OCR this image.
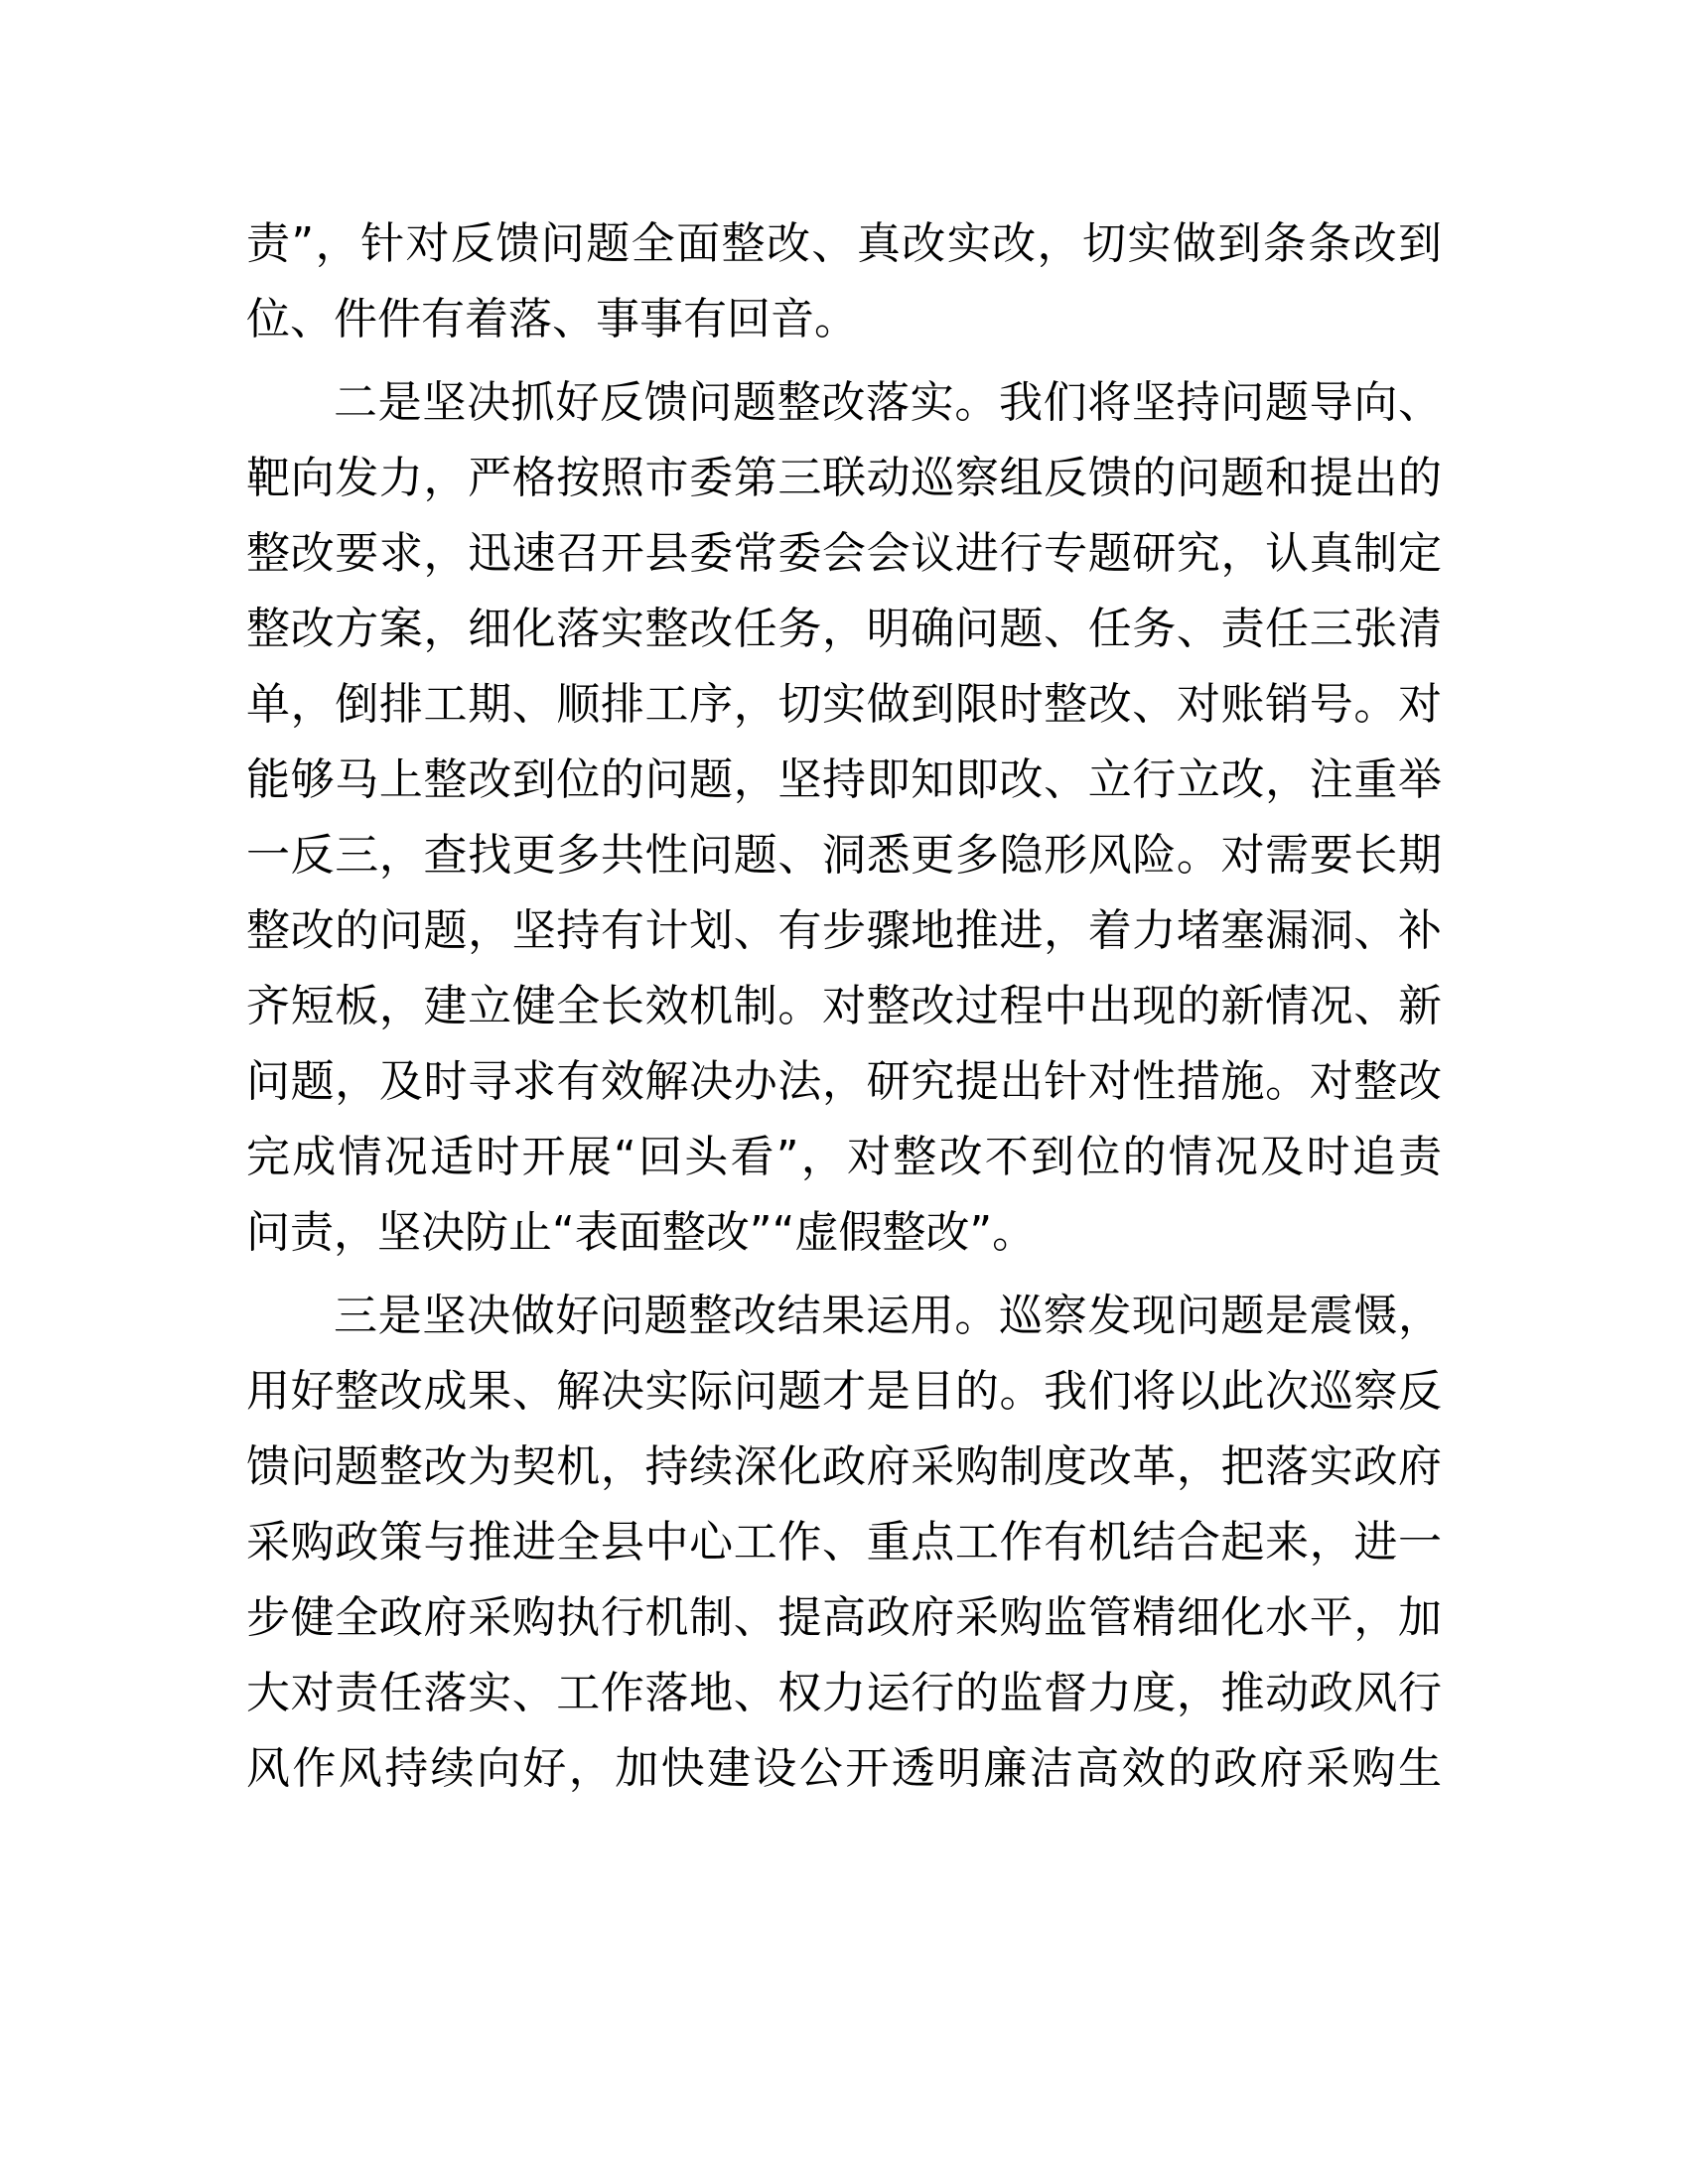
责”，针对反馈问题全面整改、真改实改，切实做到条条改到
位、件件有着落、事事有回音。

二是坚决抓好反馈问题整改落实。我们将坚持问题导向、
靶向发力，严格按照市委第三联动巡察组反馈的问题和提出的
整改要求，迅速召开县委常委会会议进行专题研究，认真制定
整改方案，细化落实整改任务，明确问题、任务、责任三张清
单，倒排工期、顺排工序，切实做到限时整改、对账销号。对
能够马上整改到位的问题，坚持即知即改、立行立改，注重举
一反三，查找更多共性问题、洞悉更多隐形风险。对需要长期
整改的问题，坚持有计划、有步骤地推进，着力堵塞漏洞、补
齐短板，建立健全长效机制。对整改过程中出现的新情况、新
问题，及时寻求有效解决办法，研究提出针对性措施。对整改
完成情况适时开展“回头看”，对整改不到位的情况及时追责
问责，坚决防止“表面整改”“虚假整改”。

三是坚决做好问题整改结果运用。巡察发现问题是震慑，
用好整改成果、解决实际问题才是目的。我们将以此次巡察反
馈问题整改为契机，持续深化政府采购制度改革，把落实政府
采购政策与推进全县中心工作、重点工作有机结合起来，进一
步健全政府采购执行机制、提高政府采购监管精细化水平，加
大对责任落实、工作落地、权力运行的监督力度，推动政风行
风作风持续向好，加快建设公开透明廉洁高效的政府采购生
